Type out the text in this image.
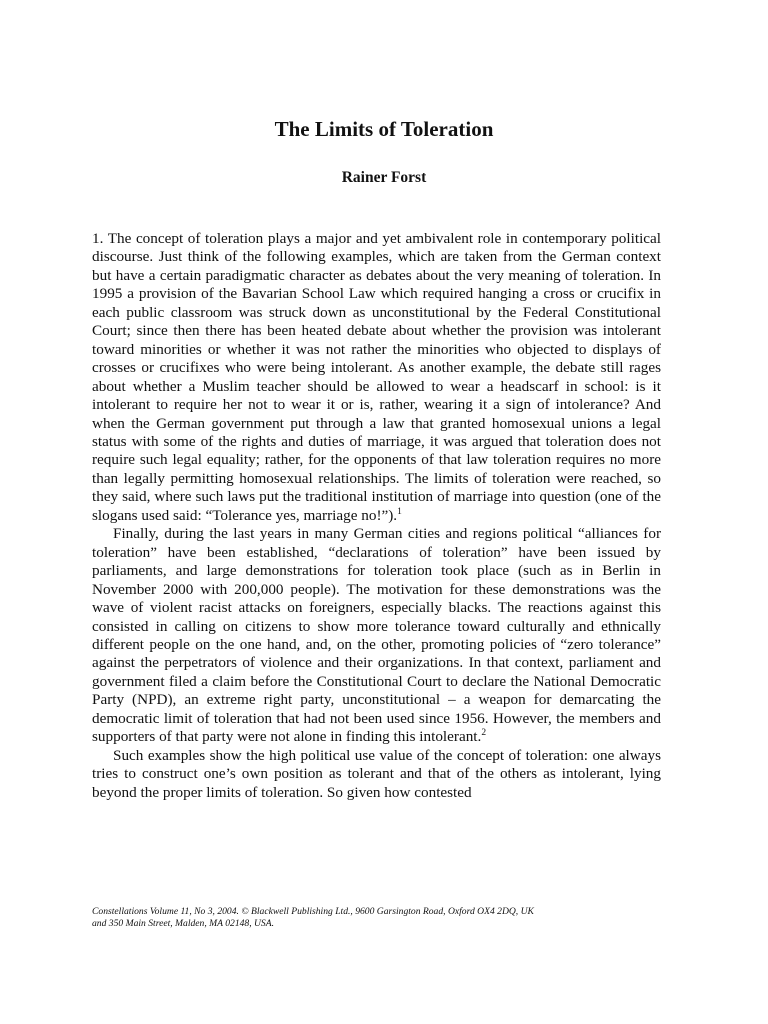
The Limits of Toleration
Rainer Forst

1. The concept of toleration plays a major and yet ambivalent role in contemporary political discourse. Just think of the following examples, which are taken from the German context but have a certain paradigmatic character as debates about the very meaning of toleration. In 1995 a provision of the Bavarian School Law which required hanging a cross or crucifix in each public classroom was struck down as unconstitutional by the Federal Constitutional Court; since then there has been heated debate about whether the provision was intolerant toward minorities or whether it was not rather the minorities who objected to displays of crosses or crucifixes who were being intolerant. As another example, the debate still rages about whether a Muslim teacher should be allowed to wear a headscarf in school: is it intolerant to require her not to wear it or is, rather, wearing it a sign of intolerance? And when the German government put through a law that granted homosexual unions a legal status with some of the rights and duties of marriage, it was argued that toleration does not require such legal equality; rather, for the opponents of that law toleration requires no more than legally permitting homosexual relationships. The limits of toleration were reached, so they said, where such laws put the traditional institution of marriage into question (one of the slogans used said: “Tolerance yes, marriage no!”).$^1$

Finally, during the last years in many German cities and regions political “alliances for toleration” have been established, “declarations of toleration” have been issued by parliaments, and large demonstrations for toleration took place (such as in Berlin in November 2000 with 200,000 people). The motivation for these demonstrations was the wave of violent racist attacks on foreigners, especially blacks. The reactions against this consisted in calling on citizens to show more tolerance toward culturally and ethnically different people on the one hand, and, on the other, promoting policies of “zero tolerance” against the perpetrators of violence and their organizations. In that context, parliament and government filed a claim before the Constitutional Court to declare the National Democratic Party (NPD), an extreme right party, unconstitutional – a weapon for demarcating the democratic limit of toleration that had not been used since 1956. However, the members and supporters of that party were not alone in finding this intolerant.$^2$

Such examples show the high political use value of the concept of toleration: one always tries to construct one’s own position as tolerant and that of the others as intolerant, lying beyond the proper limits of toleration. So given how contested

Constellations Volume 11, No 3, 2004. © Blackwell Publishing Ltd., 9600 Garsington Road, Oxford OX4 2DQ, UK
and 350 Main Street, Malden, MA 02148, USA.
